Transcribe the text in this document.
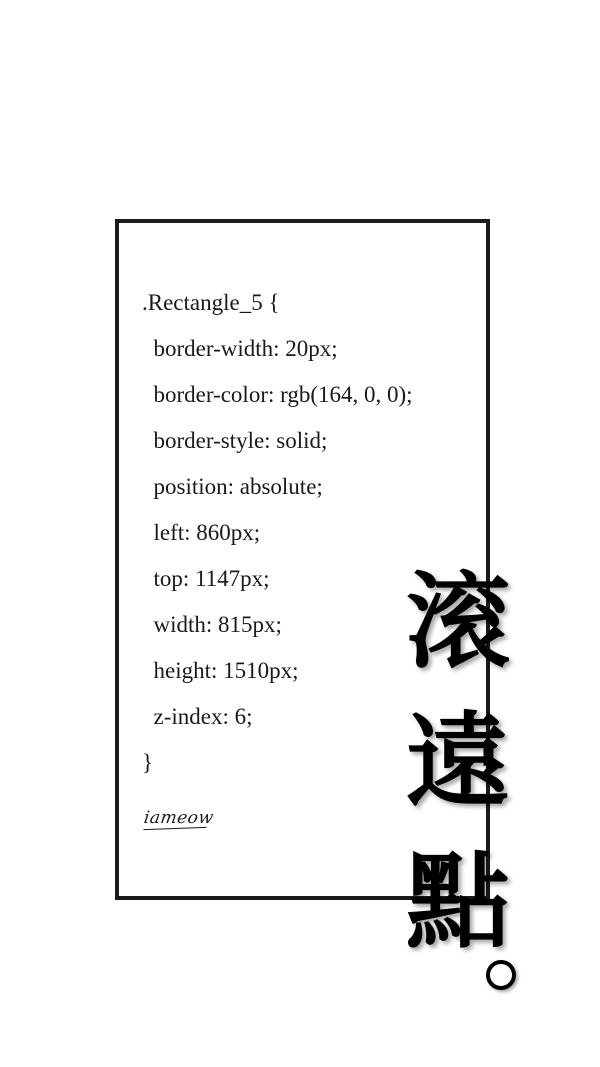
.Rectangle_5 {
border-width: 20px;
border-color: rgb(164, 0, 0);
border-style: solid;
position: absolute;
left: 860px;
top: 1147px;
width: 815px;
height: 1510px;
z-index: 6;
}
iameow
滚
遠
點
